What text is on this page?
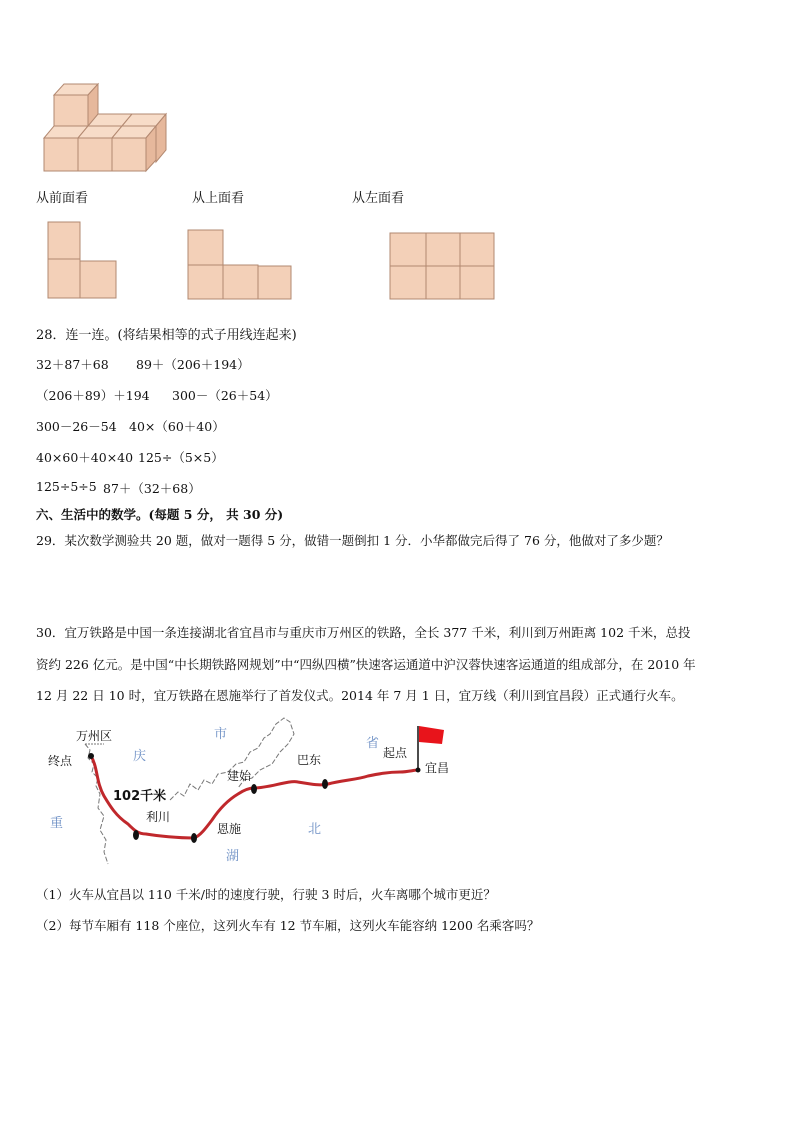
从前面看	从上面看	从左面看
28．连一连。(将结果相等的式子用线连起来)
32＋87＋68 89＋（206＋194）
（206＋89）＋194 300－（26＋54）
300－26－54 40×（60＋40）
40×60＋40×40 125÷（5×5）
125÷5÷5 87＋（32＋68）
六、生活中的数学。(每题 5 分， 共 30 分)
29．某次数学测验共 20 题，做对一题得 5 分，做错一题倒扣 1 分．小华都做完后得了 76 分，他做对了多少题？
30．宜万铁路是中国一条连接湖北省宜昌市与重庆市万州区的铁路，全长 377 千米，利川到万州距离 102 千米，总投
资约 226 亿元。是中国“中长期铁路网规划”中“四纵四横”快速客运通道中沪汉蓉快速客运通道的组成部分，在 2010 年
12 月 22 日 10 时，宜万铁路在恩施举行了首发仪式。2014 年 7 月 1 日，宜万线（利川到宜昌段）正式通行火车。
万州区
终点	庆
市
省
起点
宜昌
巴东
建始
102千米
利川
恩施	北
湖
重
（1）火车从宜昌以 110 千米/时的速度行驶，行驶 3 时后，火车离哪个城市更近？
（2）每节车厢有 118 个座位，这列火车有 12 节车厢，这列火车能容纳 1200 名乘客吗？
